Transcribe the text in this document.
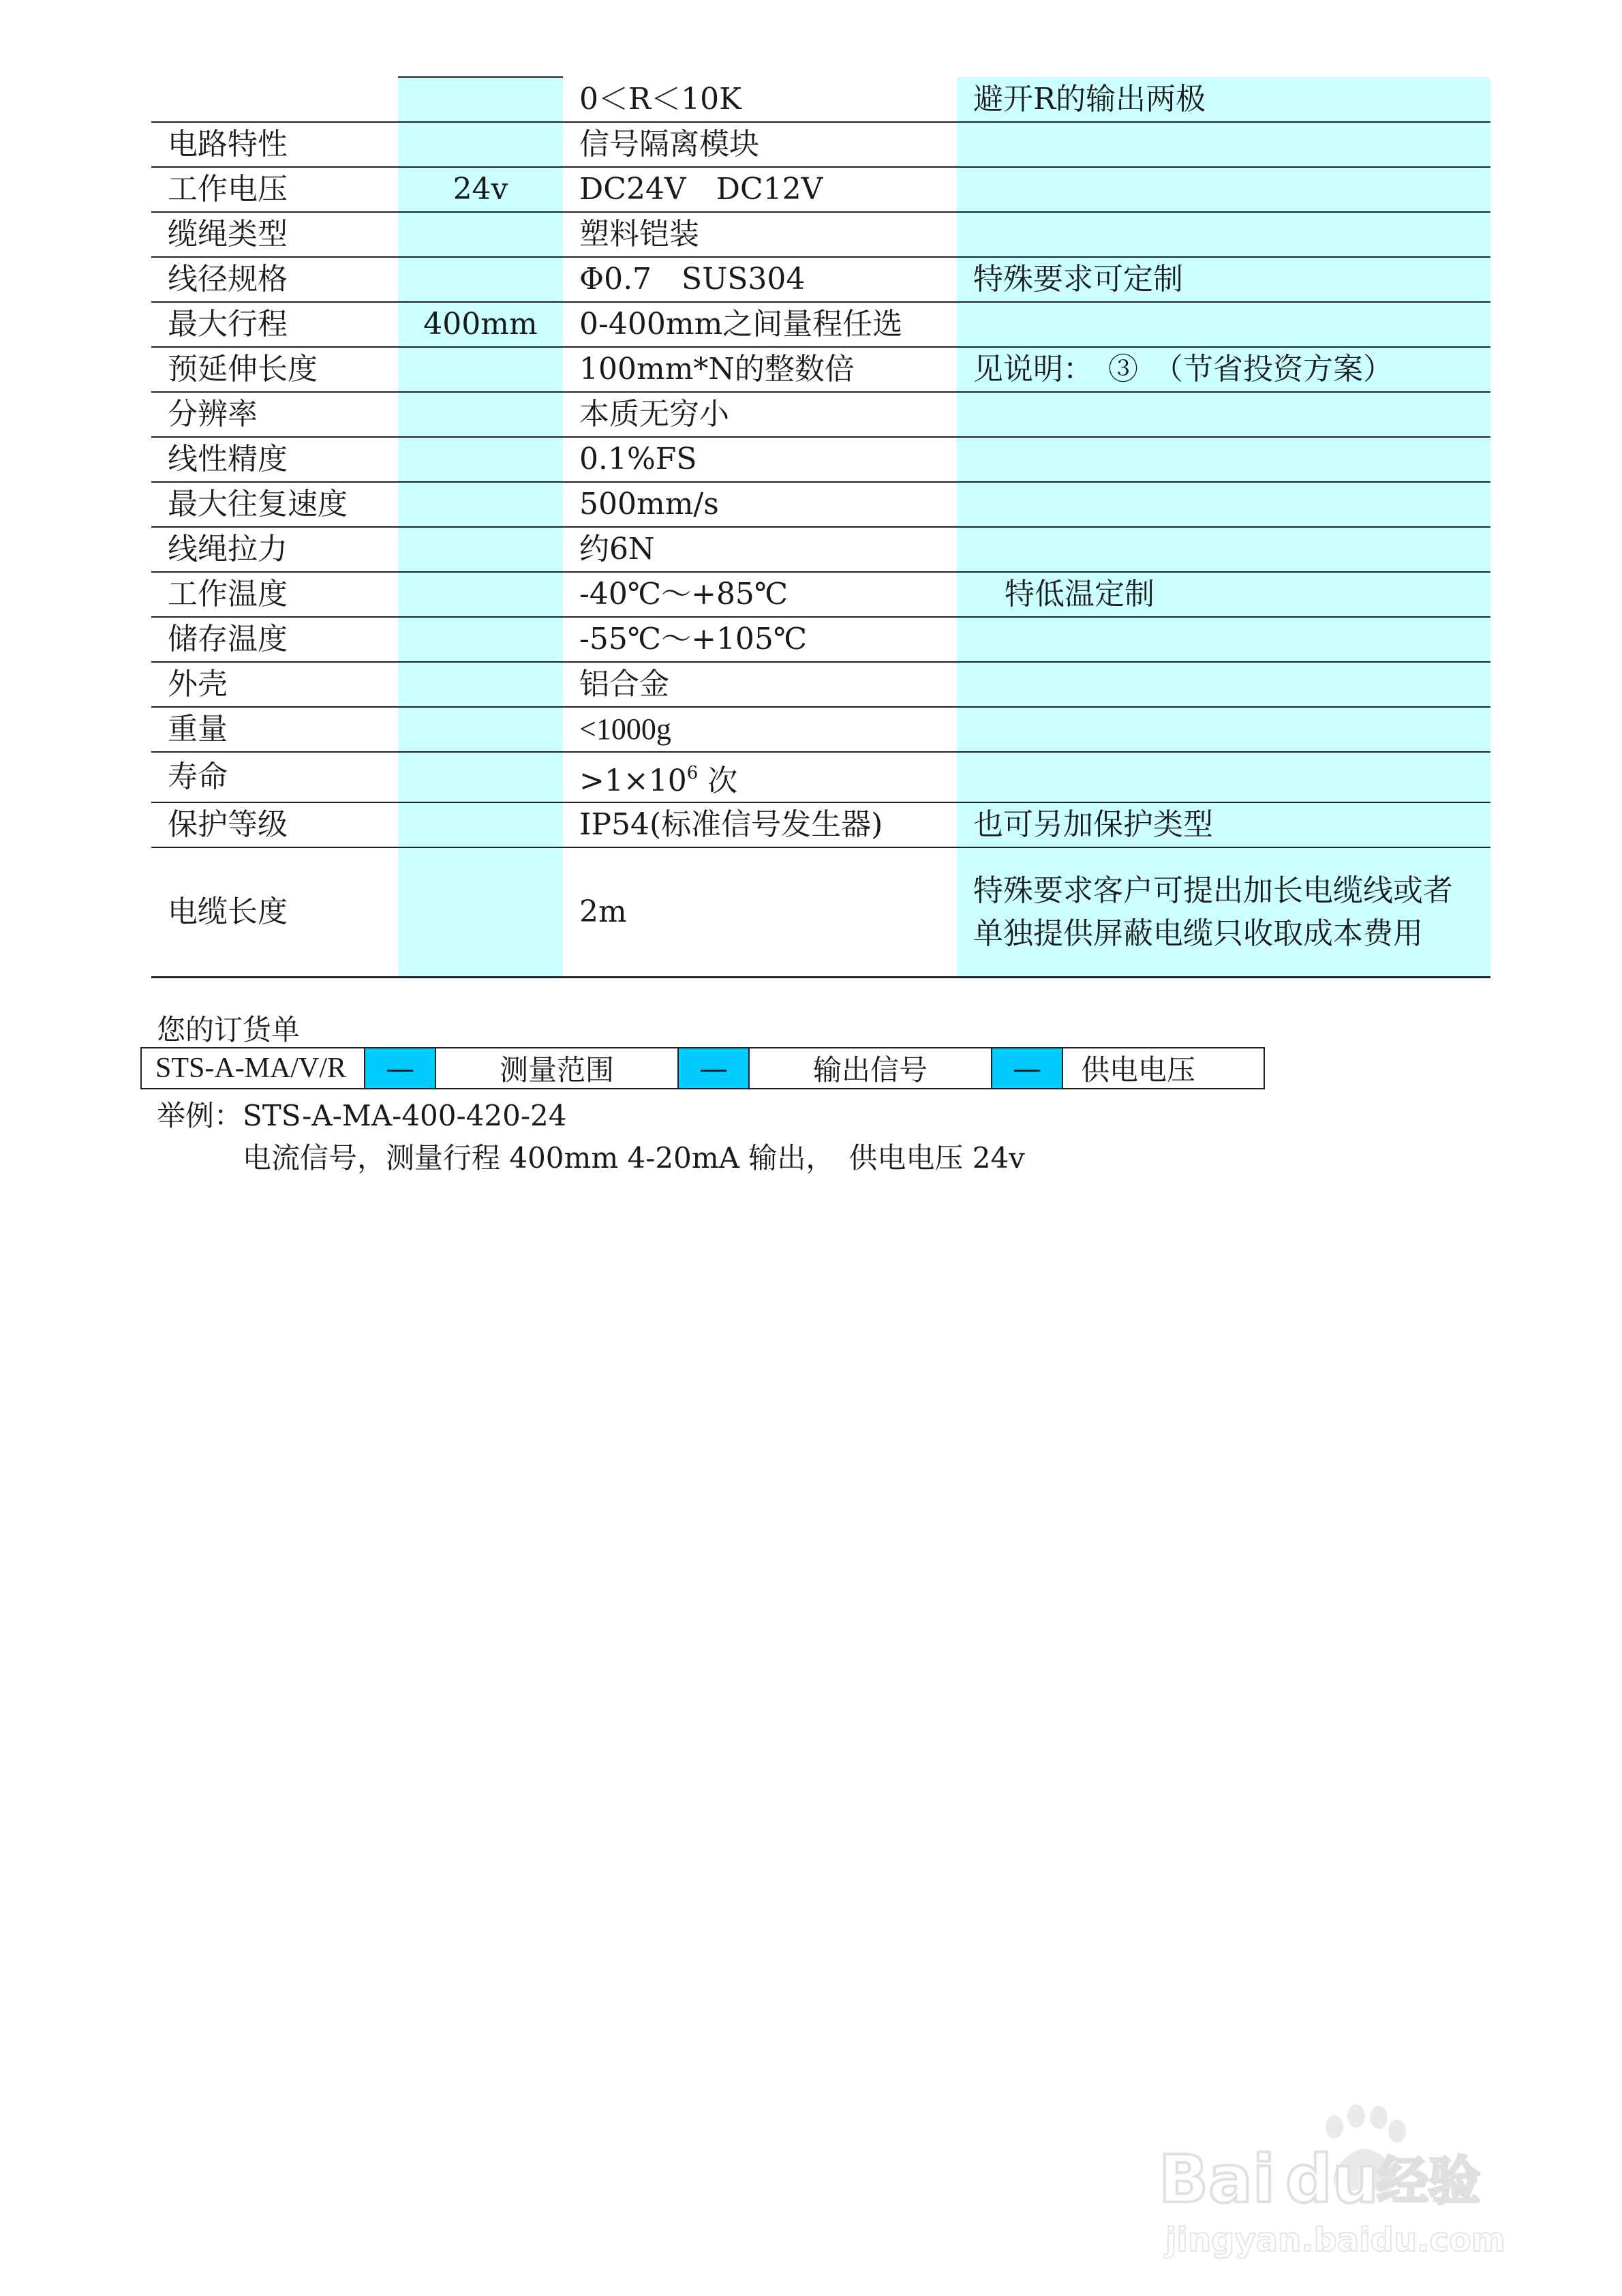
		0＜R＜10K	避开R的输出两极
电路特性		信号隔离模块	
工作电压	24v	DC24V　DC12V	
缆绳类型		塑料铠装	
线径规格		Φ0.7　SUS304	特殊要求可定制
最大行程	400mm	0-400mm之间量程任选	
预延伸长度		100mm*N的整数倍	见说明：　③　（节省投资方案）
分辨率		本质无穷小	
线性精度		0.1%FS	
最大往复速度		500mm/s	
线绳拉力		约6N	
工作温度		-40℃～+85℃	特低温定制
储存温度		-55℃～+105℃	
外壳		铝合金	
重量		<1000g	
寿命		$>1\times 10^6$ 次	
保护等级		IP54(标准信号发生器)	也可另加保护类型
电缆长度		2m	特殊要求客户可提出加长电缆线或者单独提供屏蔽电缆只收取成本费用
您的订货单
STS-A-MA/V/R	—	测量范围	—	输出信号	—	供电电压
举例：STS-A-MA-400-420-24
电流信号，测量行程 400mm 4-20mA 输出，　供电电压 24v
Bai du
经验
jingyan.baidu.com
